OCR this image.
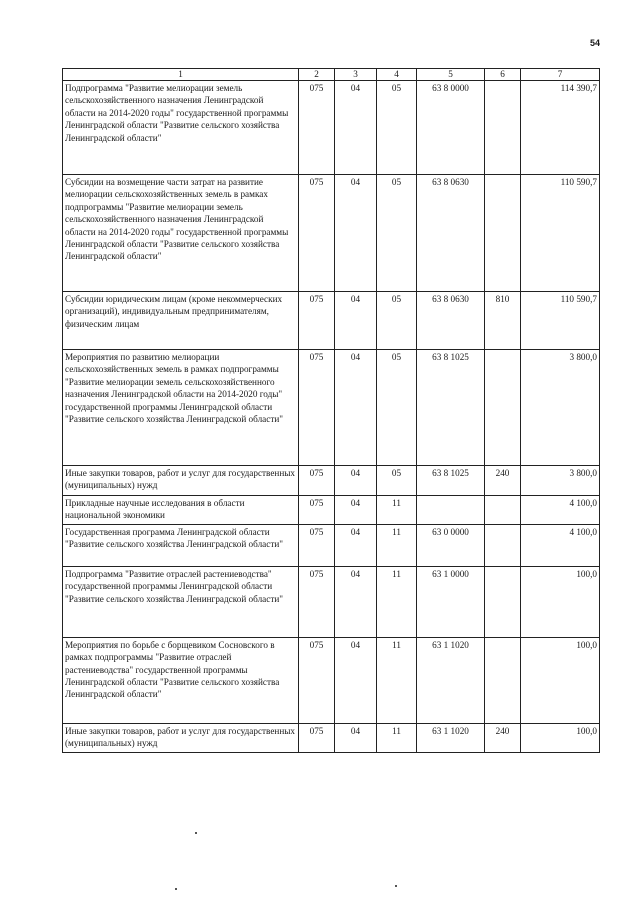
54
1	2	3	4	5	6	7
Подпрограмма "Развитие мелиорации земель сельскохозяйственного назначения Ленинградской области на 2014-2020 годы" государственной программы Ленинградской области "Развитие сельского хозяйства Ленинградской области"	075	04	05	63 8 0000		114 390,7
Субсидии на возмещение части затрат на развитие мелиорации сельскохозяйственных земель в рамках подпрограммы "Развитие мелиорации земель сельскохозяйственного назначения Ленинградской области на 2014-2020 годы" государственной программы Ленинградской области "Развитие сельского хозяйства Ленинградской области"	075	04	05	63 8 0630		110 590,7
Субсидии юридическим лицам (кроме некоммерческих организаций), индивидуальным предпринимателям, физическим лицам	075	04	05	63 8 0630	810	110 590,7
Мероприятия по развитию мелиорации сельскохозяйственных земель в рамках подпрограммы "Развитие мелиорации земель сельскохозяйственного назначения Ленинградской области на 2014-2020 годы" государственной программы Ленинградской области "Развитие сельского хозяйства Ленинградской области"	075	04	05	63 8 1025		3 800,0
Иные закупки товаров, работ и услуг для государственных (муниципальных) нужд	075	04	05	63 8 1025	240	3 800,0
Прикладные научные исследования в области национальной экономики	075	04	11			4 100,0
Государственная программа Ленинградской области "Развитие сельского хозяйства Ленинградской области"	075	04	11	63 0 0000		4 100,0
Подпрограмма "Развитие отраслей растениеводства" государственной программы Ленинградской области "Развитие сельского хозяйства Ленинградской области"	075	04	11	63 1 0000		100,0
Мероприятия по борьбе с борщевиком Сосновского в рамках подпрограммы "Развитие отраслей растениеводства" государственной программы Ленинградской области "Развитие сельского хозяйства Ленинградской области"	075	04	11	63 1 1020		100,0
Иные закупки товаров, работ и услуг для государственных (муниципальных) нужд	075	04	11	63 1 1020	240	100,0
